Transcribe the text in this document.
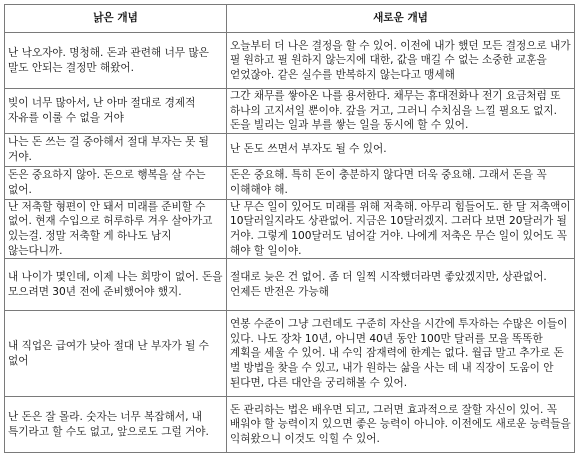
낡은 개념	새로운 개념
난 낙오자야. 명청해. 돈과 관련해 너무 많은 말도 안되는 결정만 해왔어.	오늘부터 더 나은 결정을 할 수 있어. 이전에 내가 했던 모든 결정으로 내가 필 원하고 필 원하지 않는지에 대한, 값을 매길 수 없는 소중한 교훈을 얻었잖아. 같은 실수를 반복하지 않는다고 맹세해
빚이 너무 많아서, 난 아마 절대로 경제적 자유를 이룰 수 없을 거야	그간 채무를 쌓아온 나를 용서한다. 채무는 휴대전화나 전기 요금처럼 또 하나의 고지서일 뿐이야. 갚을 거고, 그러니 수치심을 느낄 필요도 없지. 돈을 빌리는 일과 부를 쌓는 일을 동시에 할 수 있어.
나는 돈 쓰는 걸 중아해서 절대 부자는 못 될 거야.	난 돈도 쓰면서 부자도 될 수 있어.
돈은 중요하지 않아. 돈으로 행복을 살 수는 없어.	돈은 중요해. 특히 돈이 충분하지 않다면 더욱 중요해. 그래서 돈을 꼭 이해해야 해.
난 저축할 형편이 안 돼서 미래를 준비할 수 없어. 현재 수입으로 허루하루 겨우 살아가고 있는걸. 정말 저축할 게 하나도 남지 않는다니까.	난 무슨 일이 있어도 미래를 위해 저축해. 아무리 힘들어도. 한 달 저축액이 10달러일지라도 상관없어. 지금은 10달러겠지. 그러다 보면 20달러가 될 거야. 그렇게 100달러도 넘어갈 거야. 나에게 저축은 무슨 일이 있어도 꼭 해야 할 일이야.
내 나이가 몇인데, 이제 나는 희망이 없어. 돈을 모으려면 30년 전에 준비했어야 했지.	절대로 늦은 건 없어. 좀 더 일찍 시작했더라면 좋았겠지만, 상관없어. 언제든 반전은 가능해
내 직업은 급여가 낮아 절대 난 부자가 될 수 없어	연봉 수준이 그냥 그런데도 구준히 자산을 시간에 투자하는 수많은 이들이 있다. 나도 장차 10년, 아니면 40년 동안 100만 달러를 모을 똑똑한 계획을 세울 수 있어. 내 수익 잠재력에 한계는 없다. 월급 말고 추가로 돈 벌 방법을 찾을 수 있고, 내가 원하는 삶을 사는 데 내 직장이 도움이 안 된다면, 다른 대안을 궁리해볼 수 있어.
난 돈은 잘 몰라. 숫자는 너무 복잡해서, 내 특기라고 할 수도 없고, 앞으로도 그럴 거야.	돈 관리하는 법은 배우면 되고, 그러면 효과적으로 잘할 자신이 있어. 꼭 배워야 할 능력이지 있으면 좋은 능력이 아니야. 이전에도 새로운 능력들을 익혀왔으니 이것도 익힐 수 있어.
